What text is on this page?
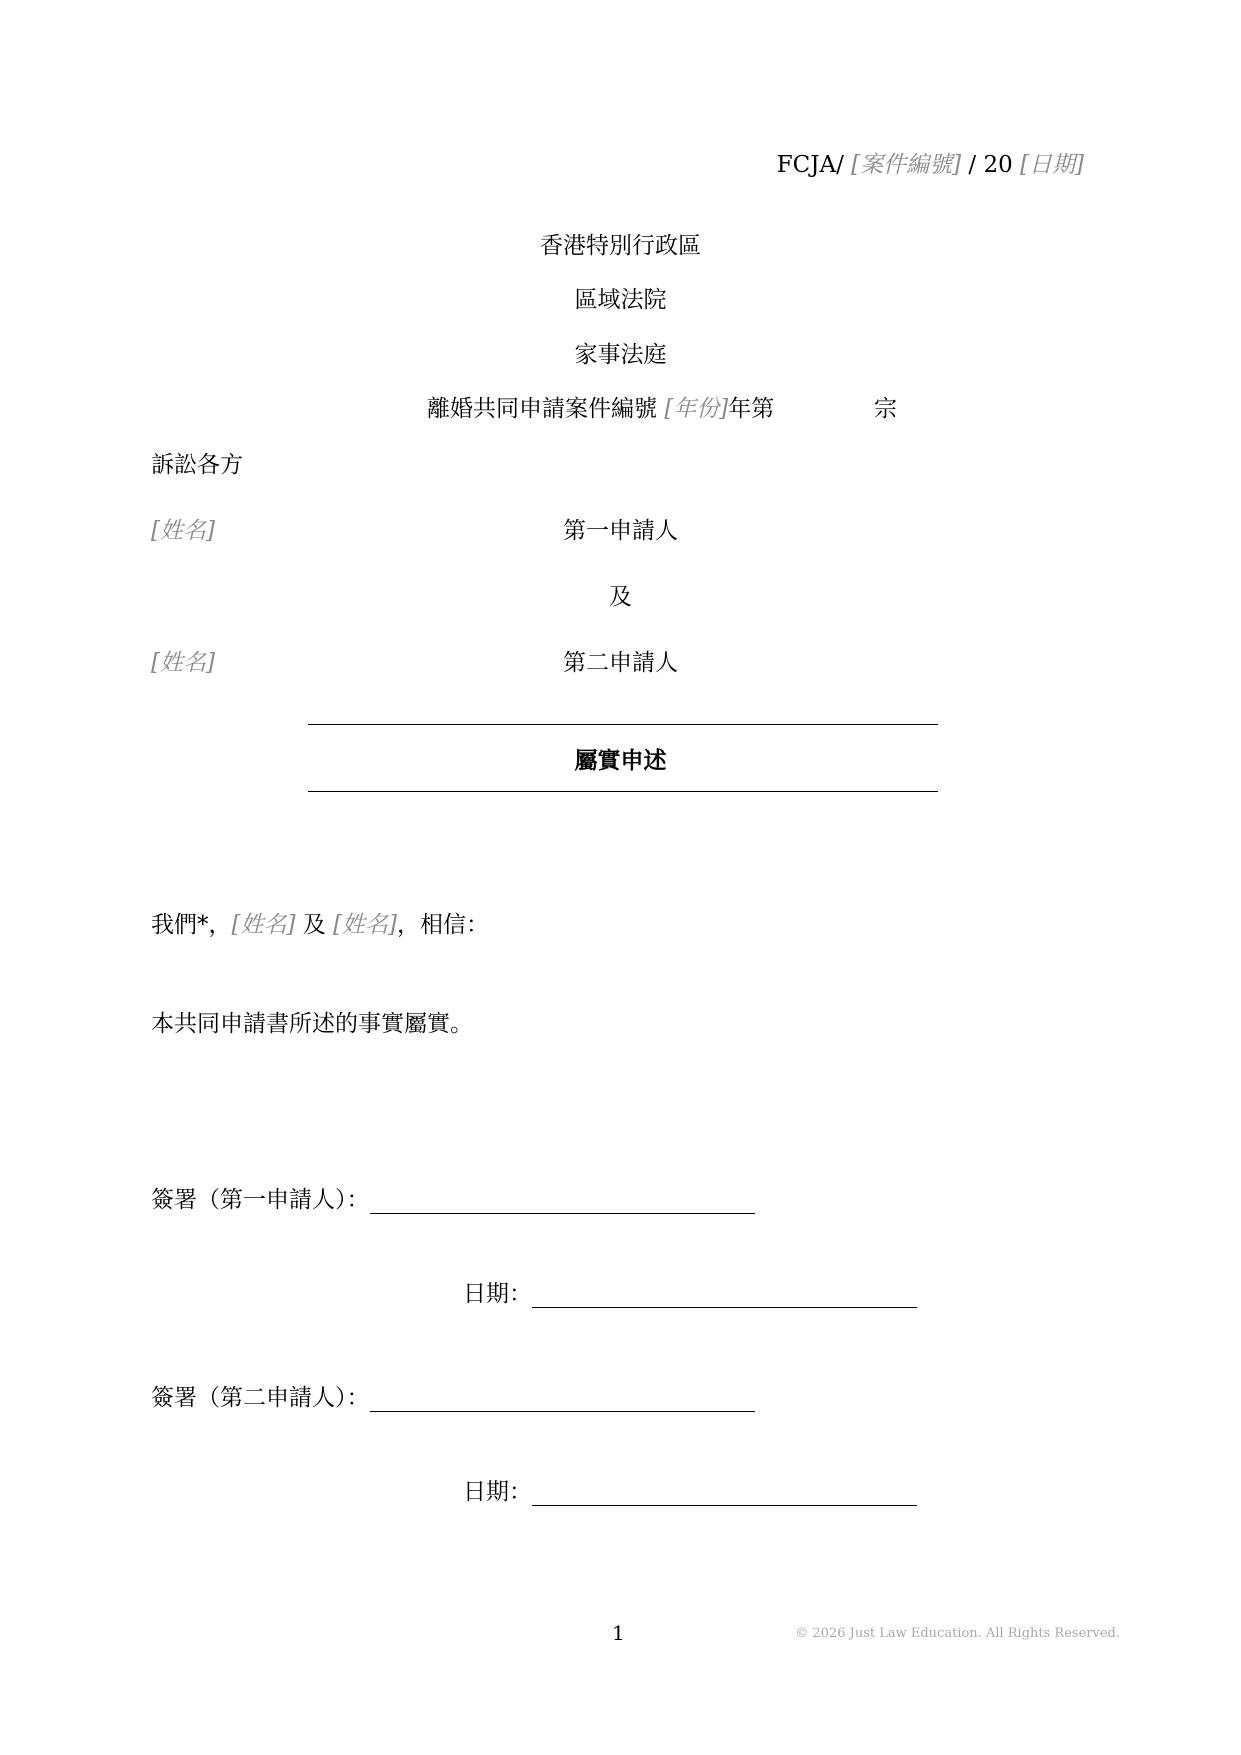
FCJA/ [案件編號] / 20 [日期]
香港特別行政區
區域法院
家事法庭
離婚共同申請案件編號 [年份]年第	宗
訴訟各方
[姓名]	第一申請人
及
[姓名]	第二申請人
屬實申述
我們*，[姓名] 及 [姓名]，相信：
本共同申請書所述的事實屬實。
簽署（第一申請人）：
日期：
簽署（第二申請人）：
日期：
1	© 2026 Just Law Education. All Rights Reserved.
